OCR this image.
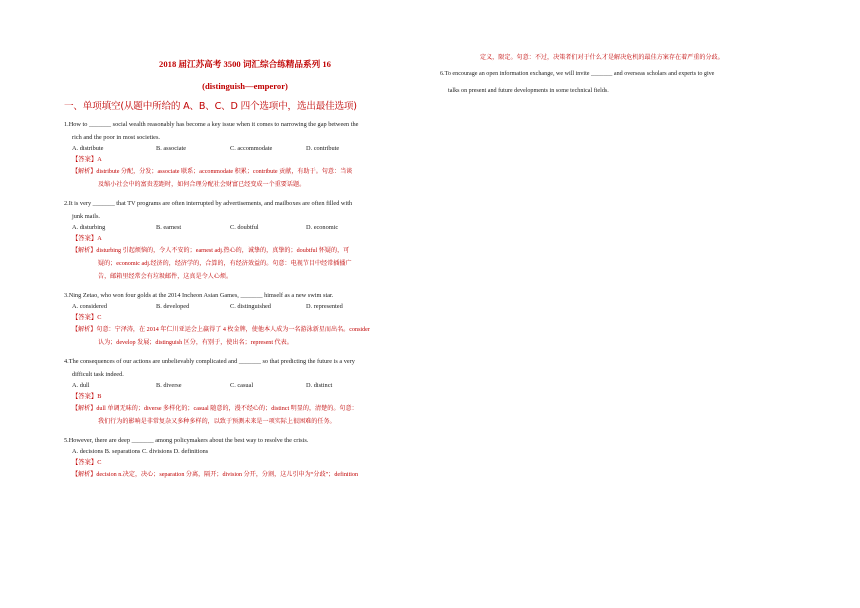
2018 届江苏高考 3500 词汇综合练精品系列 16
(distinguish—emperor)
一、单项填空(从题中所给的 A、B、C、D 四个选项中，选出最佳选项)
1.How to _______ social wealth reasonably has become a key issue when it comes to narrowing the gap between the
rich and the poor in most societies.
A. distribute	B. associate	C. accommodate	D. contribute
【答案】A
【解析】distribute 分配，分发；associate 联系；accommodate 积累；contribute 贡献，有助于。句意：当谈
及缩小社会中的富贵差距时，如何合理分配社会财富已经变成一个重要话题。
2.It is very _______ that TV programs are often interrupted by advertisements, and mailboxes are often filled with
junk mails.
A. disturbing	B. earnest	C. doubtful	D. economic
【答案】A
【解析】disturbing 引起烦恼的，令人不安的；earnest adj.热心的，诚挚的，真挚的；doubtful 怀疑的，可
疑的；economic adj.经济的，经济学的，合算的，有经济效益的。句意：电视节目中经常插播广
告，邮箱里经常会有垃圾邮件，这真是令人心烦。
3.Ning Zetao, who won four golds at the 2014 Incheon Asian Games, _______ himself as a new swim star.
A. considered	B. developed	C. distinguished	D. represented
【答案】C
【解析】句意：宁泽涛，在 2014 年仁川亚运会上赢得了 4 枚金牌，使他本人成为一名游泳新星而出名。consider
认为；develop 发展；distinguish 区分，有别于，使出名；represent 代表。
4.The consequences of our actions are unbelievably complicated and _______ so that predicting the future is a very
difficult task indeed.
A. dull	B. diverse	C. casual	D. distinct
【答案】B
【解析】dull 单调无味的；diverse 多样化的；casual 随意的，漫不经心的；distinct 明显的，清楚的。句意：
我们行为的影响是非常复杂又多种多样的，以致于预测未来是一项实际上很困难的任务。
5.However, there are deep _______ among policymakers about the best way to resolve the crisis.
A. decisions B. separations C. divisions D. definitions
【答案】C
【解析】decision n.决定，决心；separation 分离，隔开；division 分开，分割，这儿引申为“分歧”；definition
定义，限定。句意：不过，决策者们对于什么才是解决危机的最佳方案存在着严重的分歧。
6.To encourage an open information exchange, we will invite _______ and overseas scholars and experts to give
talks on present and future developments in some technical fields.
